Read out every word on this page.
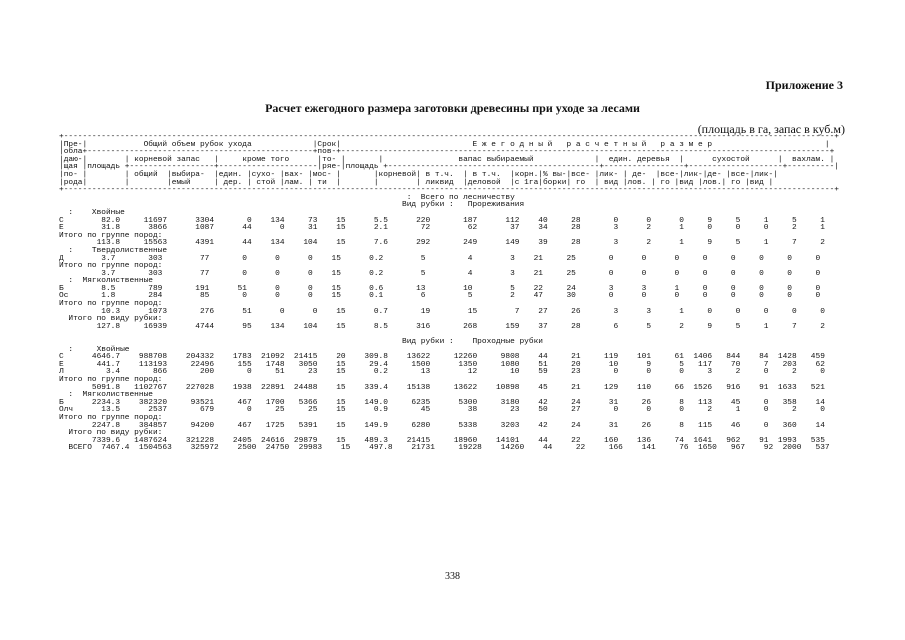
Приложение 3
Расчет ежегодного размера заготовки древесины при уходе за лесами
(площадь в га, запас в куб.м)
+--------------------------------------------------------------------------------------------------------------------------------------------------------------------+
|Пре-|            Общий объем рубок ухода             |Срок|                            Е ж е г о д н ы й   р а с ч е т н ы й   р а з м е р                        |
|обла+------------------------------------------------+пов-+--------------------------------------------------------------------------------------------------------+
|даю-|        | корневой запас   |     кроме того      |то- |       |                вапас выбираемый             |  един. деревья  |      сухостой      |  вахлам. |
|щая |площадь +------------------+---------------------|ряе-|площадь +---------------------------------------------+-----------------+--------------------+----------|
|по- |        | общий  |выбира-  |един. |сухо- |вах- |мос- |       |корневой| в т.ч.  | в т.ч.  |корн.|% вы-|все- |лик- | де-  |все-|лик-|де- |все-|лик-|
|рода|        |        |емый     | дер. | стой |лам. | ти  |       |        | ликвид  |деловой  |с 1га|борки| го  | вид |лов. | го |вид |лов.| го |вид |
+--------------------------------------------------------------------------------------------------------------------------------------------------------------------+
:  Всего по лесничеству
Вид рубки :   Прореживания
:    Хвойные
С        82.0     11697      3304       0    134     73    15      5.5      220       187      112    40     28       0      0      0     9     5     1     5     1
Е        31.8      3866      1087      44      0     31    15      2.1       72        62       37    34     28       3      2      1     0     0     0     2     1
Итого по группе пород:
113.8     15563      4391      44    134    104    15      7.6      292       249      149    39     28       3      2      1     9     5     1     7     2
:    Твердолиственные
Д        3.7       303        77       0      0      0    15      0.2        5         4        3    21     25       0      0      0     0     0     0     0     0
Итого по группе пород:
3.7       303        77       0      0      0    15      0.2        5         4        3    21     25       0      0      0     0     0     0     0     0
:  Мягколиственные
Б        8.5       789       191      51      0      0    15      0.6       13        10        5    22     24       3      3      1     0     0     0     0     0
Ос       1.8       284        85       0      0      0    15      0.1        6         5        2    47     30       0      0      0     0     0     0     0     0
Итого по группе пород:
10.3      1073       276      51      0      0    15      0.7       19        15        7    27     26       3      3      1     0     0     0     0     0
Итого по виду рубки:
127.8     16939      4744      95    134    104    15      8.5      316       268      159    37     28       6      5      2     9     5     1     7     2

Вид рубки :    Проходные рубки
:     Хвойные
С      4646.7    988708    204332    1783  21092  21415    20    309.8    13622     12260     9808    44     21     119    101     61  1406   844    84  1428   459
Е       441.7    113193     22496     155   1748   3050    15     29.4     1500      1350     1080    51     20      10      9      5   117    70     7   203    62
Л         3.4       866       200       0     51     23    15      0.2       13        12       10    59     23       0      0      0     3     2     0     2     0
Итого по группе пород:
5091.8   1102767    227028    1938  22891  24488    15    339.4    15138     13622    10898    45     21     129    110     66  1526   916    91  1633   521
:  Мягколиственные
Б      2234.3    382320     93521     467   1700   5366    15    149.0     6235      5300     3180    42     24      31     26      8   113    45     0   358    14
Олч      13.5      2537       679       0     25     25    15      0.9       45        38       23    50     27       0      0      0     2     1     0     2     0
Итого по группе пород:
2247.8    384857     94200     467   1725   5391    15    149.9     6280      5338     3203    42     24      31     26      8   115    46     0   360    14
Итого по виду рубки:
7339.6   1487624    321228    2405  24616  29879    15    489.3    21415     18960    14101    44     22     160    136     74  1641   962    91  1993   535
ВСЕГО  7467.4  1504563    325972    2500  24750  29983    15    497.8    21731     19228    14260    44     22     166    141     76  1650   967    92  2000   537
338
